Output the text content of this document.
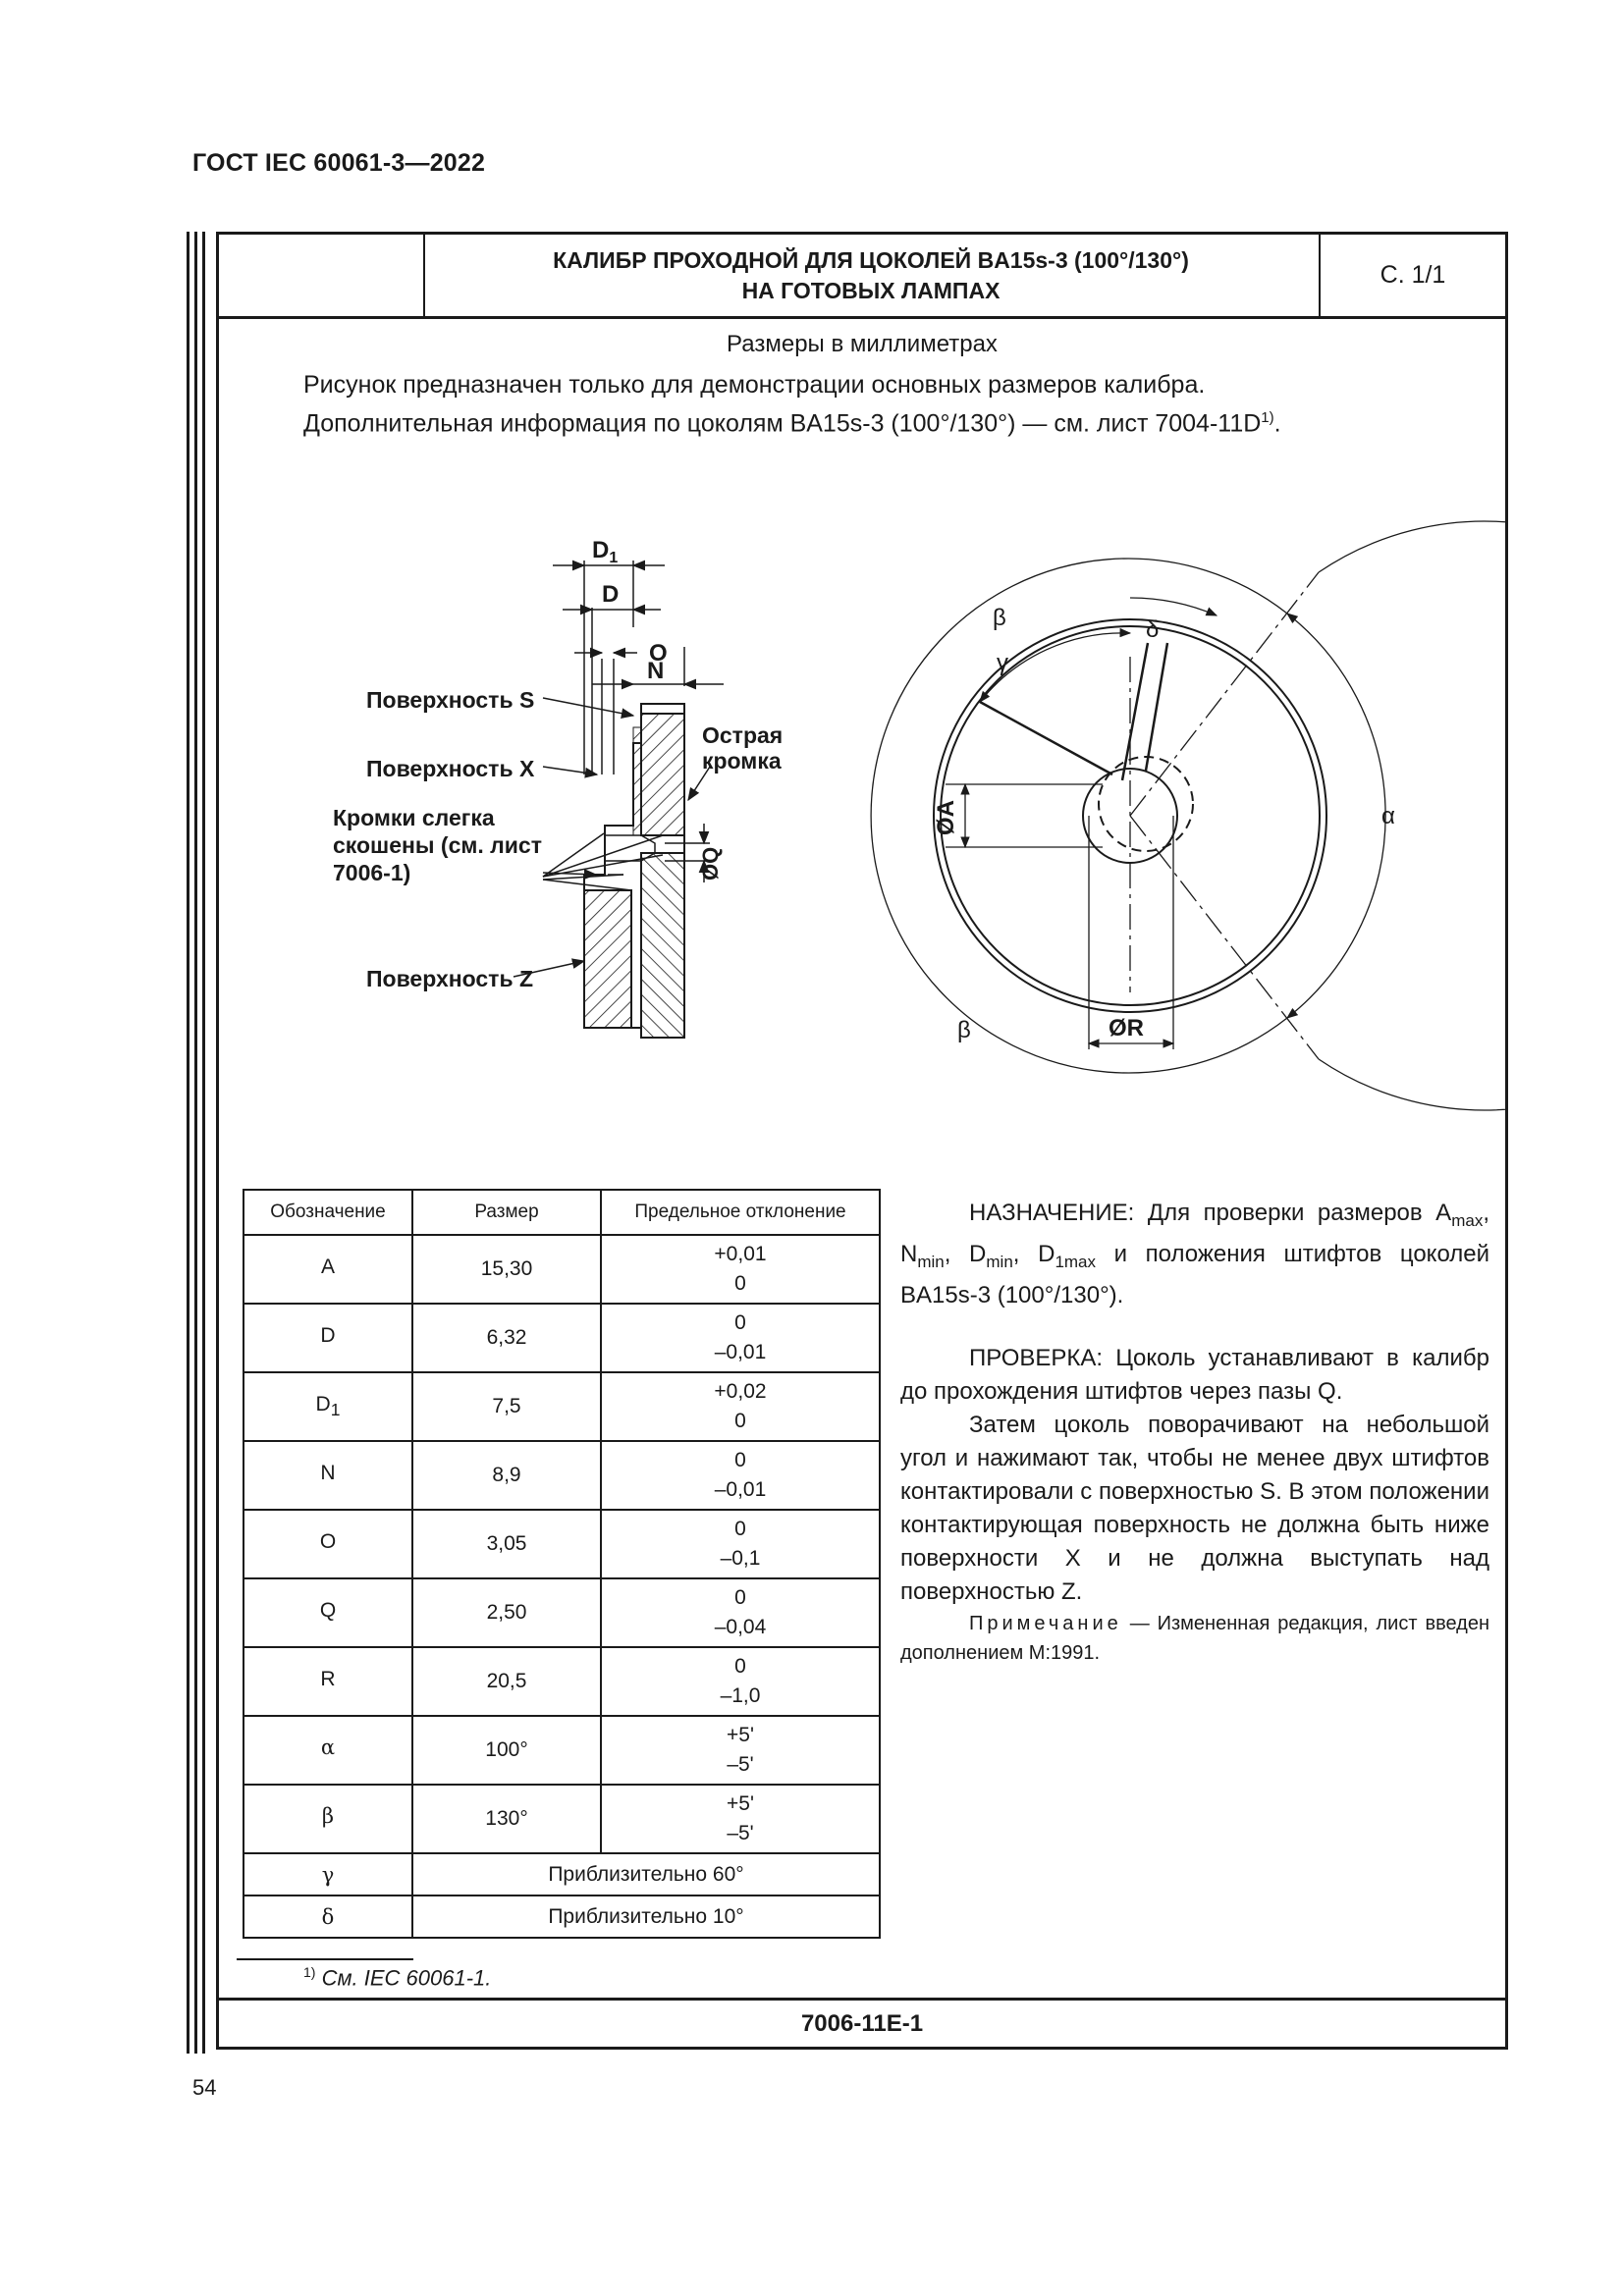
ГОСТ IEC 60061-3—2022
КАЛИБР ПРОХОДНОЙ ДЛЯ ЦОКОЛЕЙ BA15s-3 (100°/130°)
НА ГОТОВЫХ ЛАМПАХ
С. 1/1
Размеры в миллиметрах
Рисунок предназначен только для демонстрации основных размеров калибра.
Дополнительная информация по цоколям BA15s-3 (100°/130°) — см. лист $7004-11D^{1)}$.
$D_1$
D
O
N
Поверхность S
Поверхность X
Острая
кромка
Кромки слегка
скошены (см. лист
7006-1)
Поверхность Z
ØQ
β
γ
δ
α
β	ØR
ØA
Обозначение	Размер	Предельное отклонение
A	15,30	+0,01
0

D	6,32	0
–0,01

$D_1$	7,5	+0,02
0

N	8,9	0
–0,01

O	3,05	0
–0,1

Q	2,50	0
–0,04

R	20,5	0
–1,0

α	100°	+5'
–5'

β	130°	+5'
–5'

γ	Приблизительно 60°	
δ	Приблизительно 10°	

НАЗНАЧЕНИЕ: Для проверки размеров $A_{max}$, $N_{min}$, $D_{min}$, $D_{1max}$ и положения штифтов цоколей BA15s-3 (100°/130°).

ПРОВЕРКА: Цоколь устанавливают в калибр до прохождения штифтов через пазы Q.

Затем цоколь поворачивают на небольшой угол и нажимают так, чтобы не менее двух штифтов контактировали с поверхностью S. В этом положении контактирующая поверхность не должна быть ниже поверхности X и не должна выступать над поверхностью Z.

Примечание — Измененная редакция, лист введен дополнением М:1991.

$^{1)}$ См. IEC 60061-1.
7006-11E-1
54
